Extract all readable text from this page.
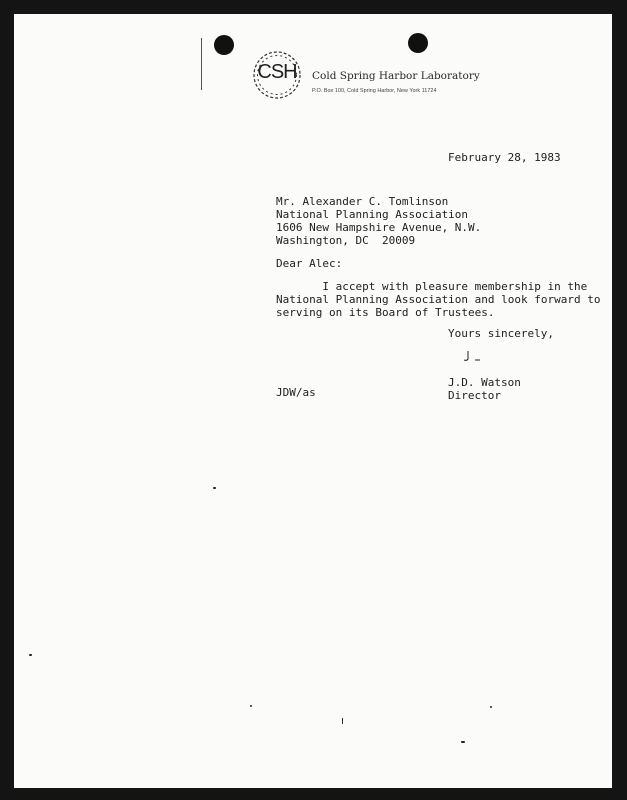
CSH	Cold Spring Harbor Laboratory
P.O. Box 100, Cold Spring Harbor, New York 11724
February 28, 1983
Mr. Alexander C. Tomlinson
National Planning Association
1606 New Hampshire Avenue, N.W.
Washington, DC  20009
Dear Alec:
I accept with pleasure membership in the
National Planning Association and look forward to
serving on its Board of Trustees.
Yours sincerely,
J.D. Watson
Director
JDW/as
